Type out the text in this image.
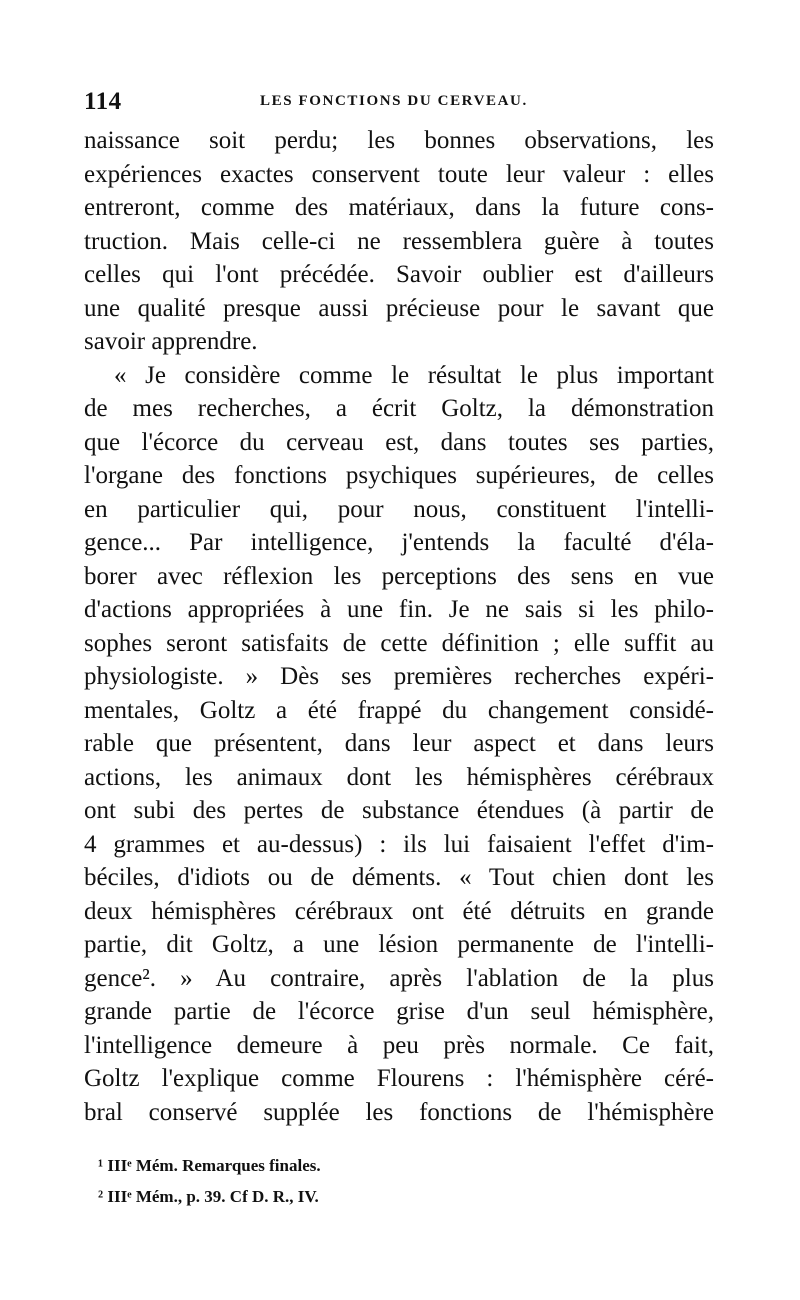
114	LES FONCTIONS DU CERVEAU.
naissance soit perdu; les bonnes observations, les
expériences exactes conservent toute leur valeur : elles
entreront, comme des matériaux, dans la future cons-
truction. Mais celle-ci ne ressemblera guère à toutes
celles qui l'ont précédée. Savoir oublier est d'ailleurs
une qualité presque aussi précieuse pour le savant que
savoir apprendre.
« Je considère comme le résultat le plus important
de mes recherches, a écrit Goltz, la démonstration
que l'écorce du cerveau est, dans toutes ses parties,
l'organe des fonctions psychiques supérieures, de celles
en particulier qui, pour nous, constituent l'intelli-
gence... Par intelligence, j'entends la faculté d'éla-
borer avec réflexion les perceptions des sens en vue
d'actions appropriées à une fin. Je ne sais si les philo-
sophes seront satisfaits de cette définition ; elle suffit au
physiologiste. » Dès ses premières recherches expéri-
mentales, Goltz a été frappé du changement considé-
rable que présentent, dans leur aspect et dans leurs
actions, les animaux dont les hémisphères cérébraux
ont subi des pertes de substance étendues (à partir de
4 grammes et au-dessus) : ils lui faisaient l'effet d'im-
béciles, d'idiots ou de déments. « Tout chien dont les
deux hémisphères cérébraux ont été détruits en grande
partie, dit Goltz, a une lésion permanente de l'intelli-
gence². » Au contraire, après l'ablation de la plus
grande partie de l'écorce grise d'un seul hémisphère,
l'intelligence demeure à peu près normale. Ce fait,
Goltz l'explique comme Flourens : l'hémisphère céré-
bral conservé supplée les fonctions de l'hémisphère
¹ IIIᵉ Mém. Remarques finales.
² IIIᵉ Mém., p. 39. Cf D. R., IV.
